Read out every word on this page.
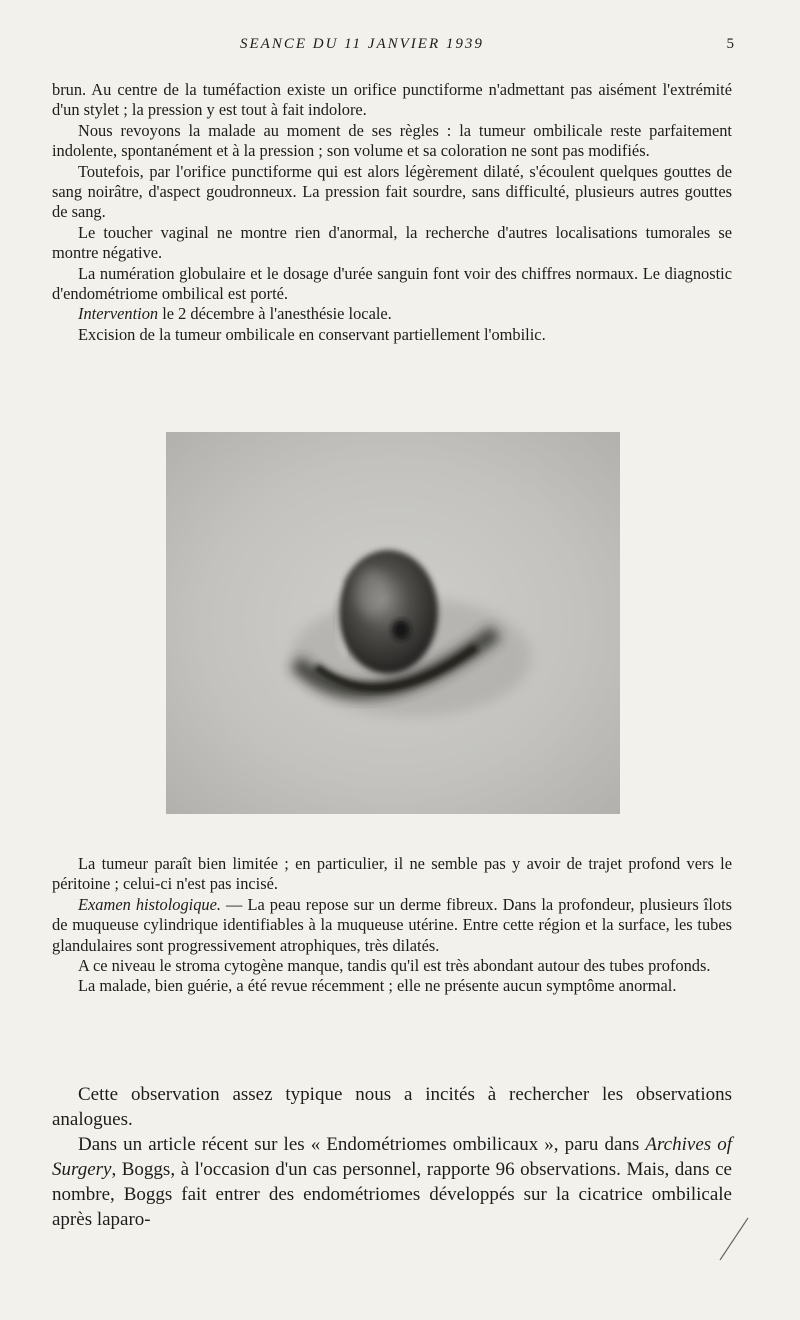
SEANCE DU 11 JANVIER 1939	5

brun. Au centre de la tuméfaction existe un orifice punctiforme n'admettant pas aisément l'extrémité d'un stylet ; la pression y est tout à fait indolore.

Nous revoyons la malade au moment de ses règles : la tumeur ombilicale reste parfaitement indolente, spontanément et à la pression ; son volume et sa coloration ne sont pas modifiés.

Toutefois, par l'orifice punctiforme qui est alors légèrement dilaté, s'écoulent quelques gouttes de sang noirâtre, d'aspect goudronneux. La pression fait sourdre, sans difficulté, plusieurs autres gouttes de sang.

Le toucher vaginal ne montre rien d'anormal, la recherche d'autres localisations tumorales se montre négative.

La numération globulaire et le dosage d'urée sanguin font voir des chiffres normaux. Le diagnostic d'endométriome ombilical est porté.

Intervention le 2 décembre à l'anesthésie locale.

Excision de la tumeur ombilicale en conservant partiellement l'ombilic.

La tumeur paraît bien limitée ; en particulier, il ne semble pas y avoir de trajet profond vers le péritoine ; celui-ci n'est pas incisé.

Examen histologique. — La peau repose sur un derme fibreux. Dans la profondeur, plusieurs îlots de muqueuse cylindrique identifiables à la muqueuse utérine. Entre cette région et la surface, les tubes glandulaires sont progressivement atrophiques, très dilatés.

A ce niveau le stroma cytogène manque, tandis qu'il est très abondant autour des tubes profonds.

La malade, bien guérie, a été revue récemment ; elle ne présente aucun symptôme anormal.

Cette observation assez typique nous a incités à rechercher les observations analogues.

Dans un article récent sur les « Endométriomes ombilicaux », paru dans Archives of Surgery, Boggs, à l'occasion d'un cas personnel, rapporte 96 observations. Mais, dans ce nombre, Boggs fait entrer des endométriomes développés sur la cicatrice ombilicale après laparo-
